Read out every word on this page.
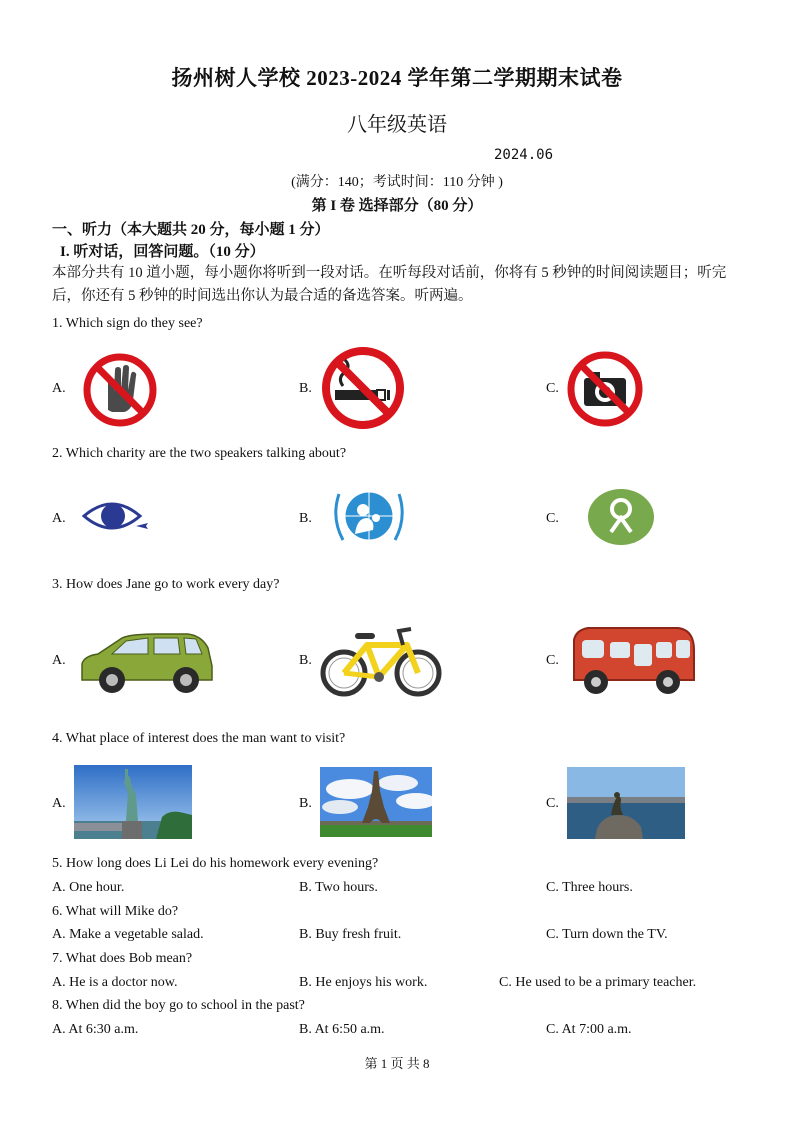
扬州树人学校 2023-2024 学年第二学期期末试卷
八年级英语
2024.06
(满分：140；考试时间：110 分钟 )
第 I 卷 选择部分（80 分）
一、听力（本大题共 20 分，每小题 1 分）
I. 听对话，回答问题。（10 分）
本部分共有 10 道小题，每小题你将听到一段对话。在听每段对话前，你将有 5 秒钟的时间阅读题目；听完后，你还有 5 秒钟的时间选出你认为最合适的备选答案。听两遍。
1. Which sign do they see?
A.	B.	C.
2. Which charity are the two speakers talking about?
A.	B.	C.
3. How does Jane go to work every day?
A.	B.	C.
4. What place of interest does the man want to visit?
A.	B.	C.
5. How long does Li Lei do his homework every evening?
A. One hour.	B. Two hours.	C. Three hours.
6. What will Mike do?
A. Make a vegetable salad.	B. Buy fresh fruit.	C. Turn down the TV.
7. What does Bob mean?
A. He is a doctor now.	B. He enjoys his work.	C. He used to be a primary teacher.
8. When did the boy go to school in the past?
A. At 6:30 a.m.	B. At 6:50 a.m.	C. At 7:00 a.m.
第 1 页 共 8
